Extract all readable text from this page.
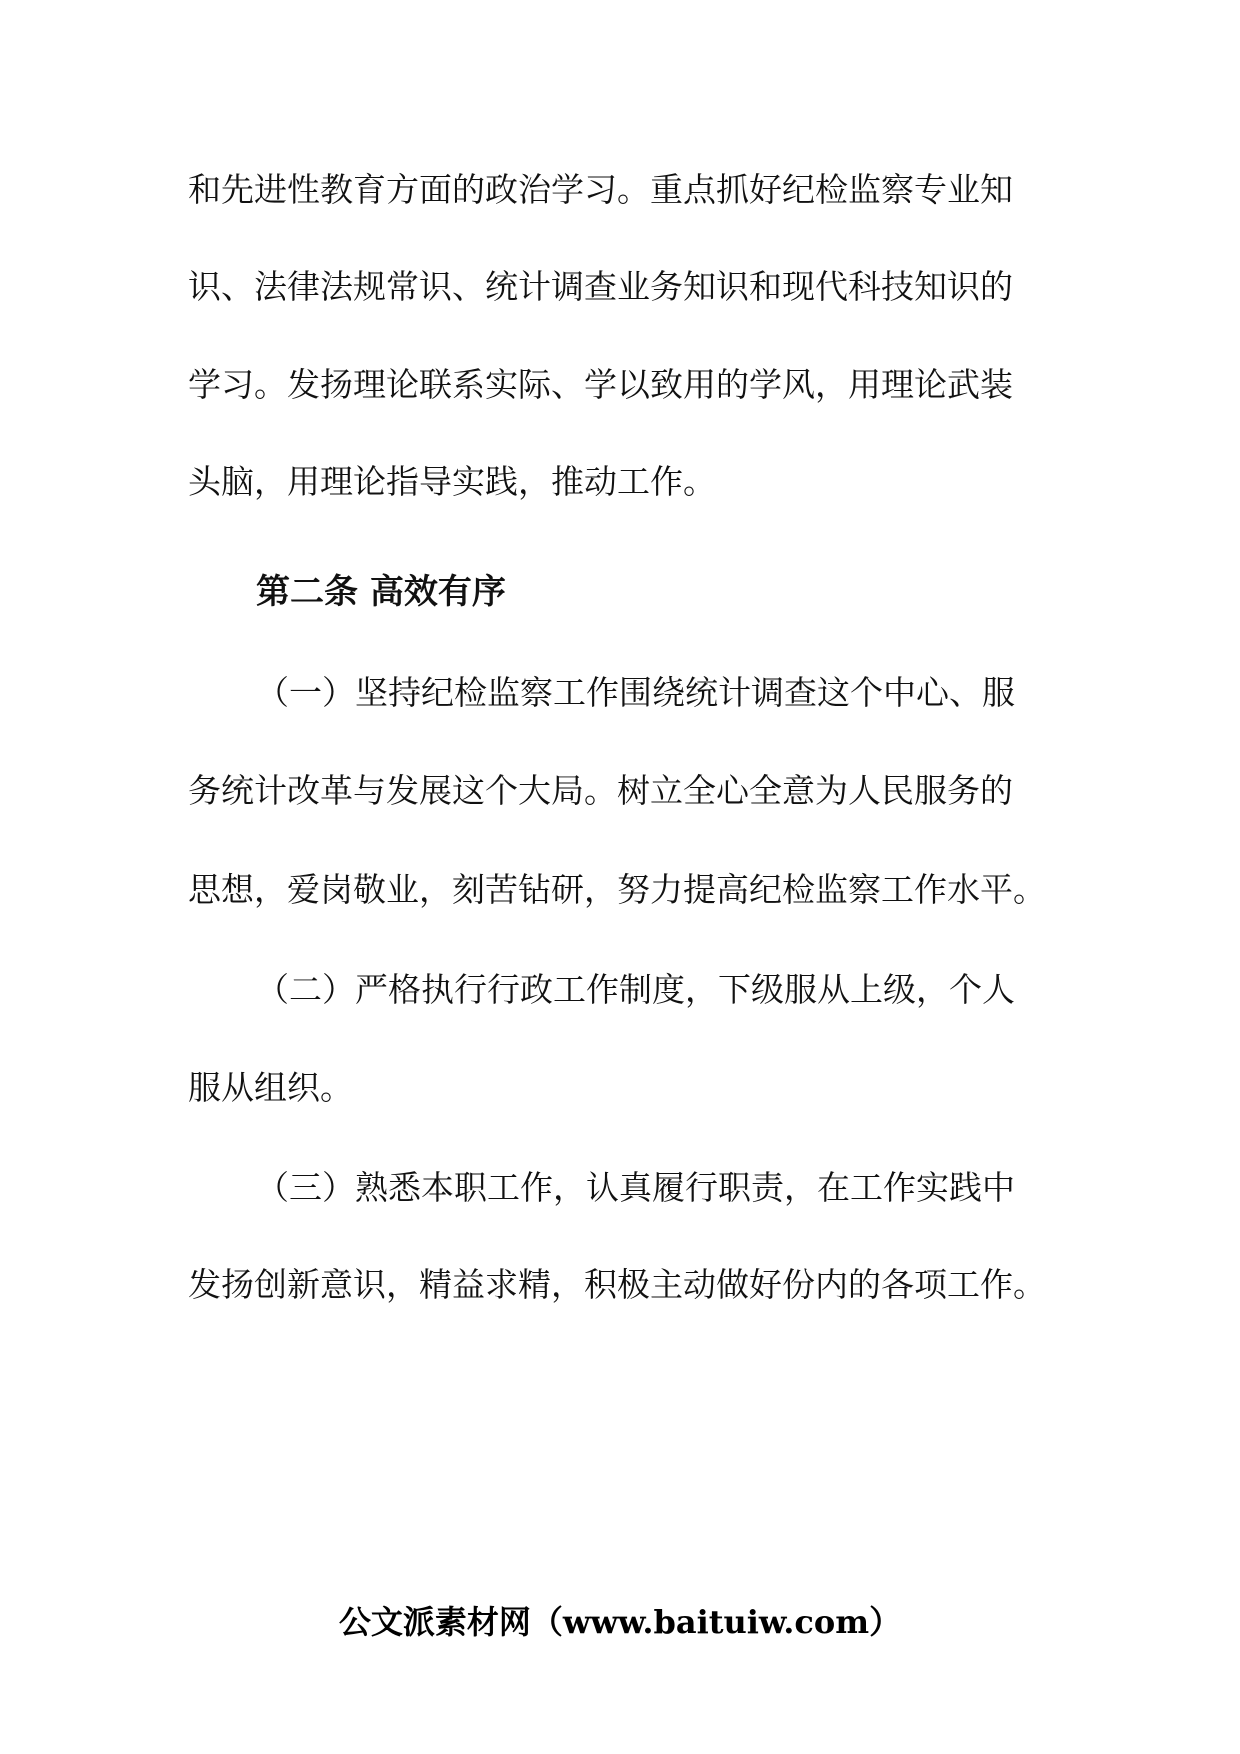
和先进性教育方面的政治学习。重点抓好纪检监察专业知
识、法律法规常识、统计调查业务知识和现代科技知识的
学习。发扬理论联系实际、学以致用的学风，用理论武装
头脑，用理论指导实践，推动工作。
第二条 高效有序
（一）坚持纪检监察工作围绕统计调查这个中心、服
务统计改革与发展这个大局。树立全心全意为人民服务的
思想，爱岗敬业，刻苦钻研，努力提高纪检监察工作水平。
（二）严格执行行政工作制度，下级服从上级，个人
服从组织。
（三）熟悉本职工作，认真履行职责，在工作实践中
发扬创新意识，精益求精，积极主动做好份内的各项工作。
公文派素材网（www.baituiw.com）
